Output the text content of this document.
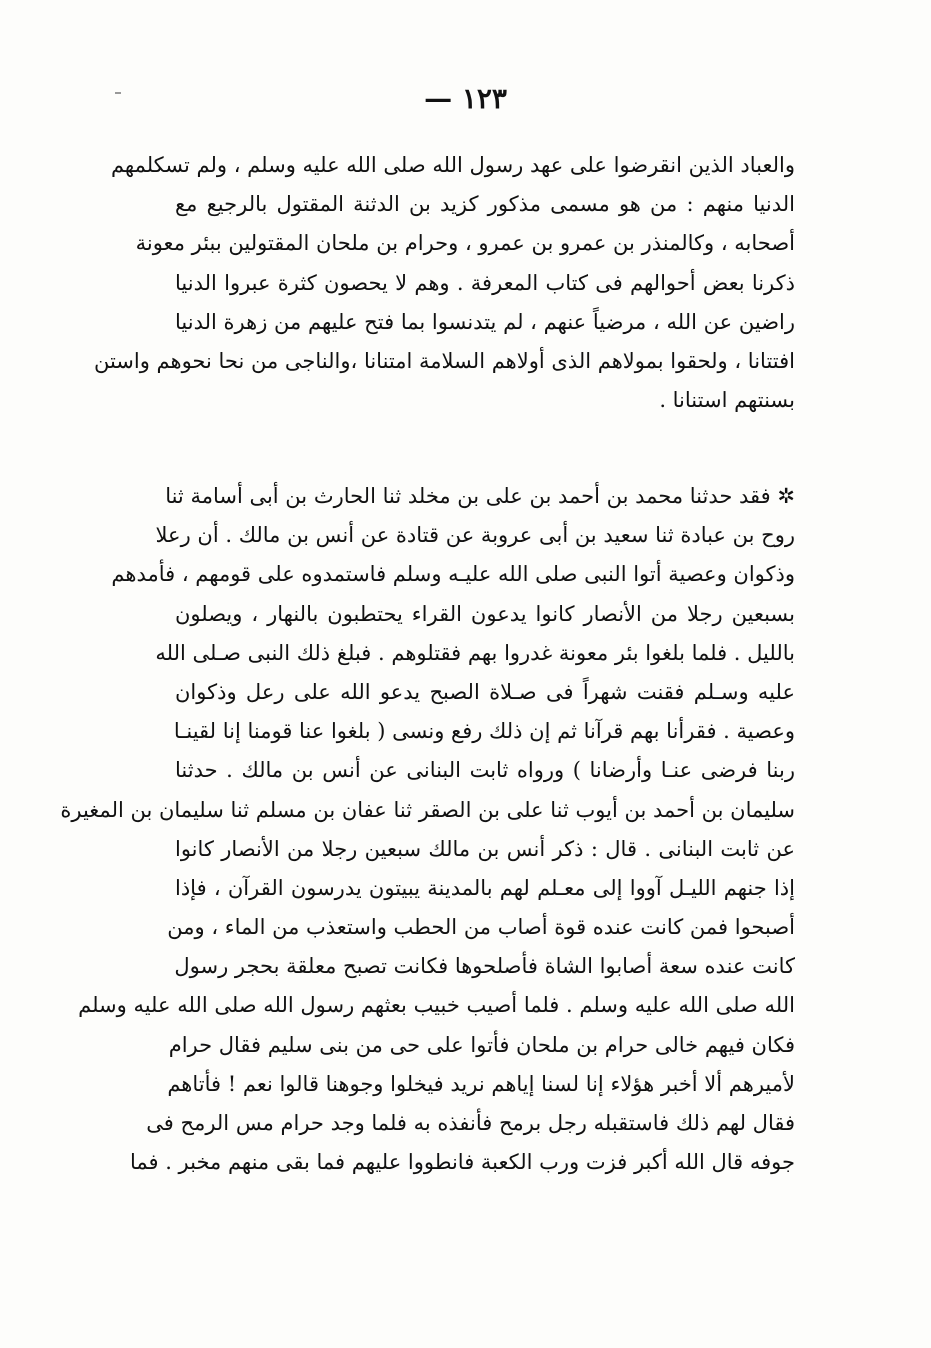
— ١٢٣
والعباد الذين انقرضوا على عهد رسول الله صلى الله عليه وسلم ، ولم تسكلمهم
الدنيا منهم : من هو مسمى مذكور كزيد بن الدثنة المقتول بالرجيع مع
أصحابه ، وكالمنذر بن عمرو بن عمرو ، وحرام بن ملحان المقتولين ببئر معونة
ذكرنا بعض أحوالهم فى كتاب المعرفة . وهم لا يحصون كثرة عبروا الدنيا
راضين عن الله ، مرضياً عنهم ، لم يتدنسوا بما فتح عليهم من زهرة الدنيا
افتتانا ، ولحقوا بمولاهم الذى أولاهم السلامة امتنانا ،والناجى من نحا نحوهم واستن
بسنتهم استنانا .
✲ فقد حدثنا محمد بن أحمد بن على بن مخلد ثنا الحارث بن أبى أسامة ثنا
روح بن عبادة ثنا سعيد بن أبى عروبة عن قتادة عن أنس بن مالك . أن رعلا
وذكوان وعصية أتوا النبى صلى الله عليـه وسلم فاستمدوه على قومهم ، فأمدهم
بسبعين رجلا من الأنصار كانوا يدعون القراء يحتطبون بالنهار ، ويصلون
بالليل . فلما بلغوا بئر معونة غدروا بهم فقتلوهم . فبلغ ذلك النبى صـلى الله
عليه وسـلم فقنت شهراً فى صـلاة الصبح يدعو الله على رعل وذكوان
وعصية . فقرأنا بهم قرآنا ثم إن ذلك رفع ونسى ( بلغوا عنا قومنا إنا لقينـا
ربنا فرضى عنـا وأرضانا ) ورواه ثابت البنانى عن أنس بن مالك . حدثنا
سليمان بن أحمد بن أيوب ثنا على بن الصقر ثنا عفان بن مسلم ثنا سليمان بن المغيرة
عن ثابت البنانى . قال : ذكر أنس بن مالك سبعين رجلا من الأنصار كانوا
إذا جنهم الليـل آووا إلى معـلم لهم بالمدينة يبيتون يدرسون القرآن ، فإذا
أصبحوا فمن كانت عنده قوة أصاب من الحطب واستعذب من الماء ، ومن
كانت عنده سعة أصابوا الشاة فأصلحوها فكانت تصبح معلقة بحجر رسول
الله صلى الله عليه وسلم . فلما أصيب خبيب بعثهم رسول الله صلى الله عليه وسلم
فكان فيهم خالى حرام بن ملحان فأتوا على حى من بنى سليم فقال حرام
لأميرهم ألا أخبر هؤلاء إنا لسنا إياهم نريد فيخلوا وجوهنا قالوا نعم ! فأتاهم
فقال لهم ذلك فاستقبله رجل برمح فأنفذه به فلما وجد حرام مس الرمح فى
جوفه قال الله أكبر فزت ورب الكعبة فانطووا عليهم فما بقى منهم مخبر . فما
